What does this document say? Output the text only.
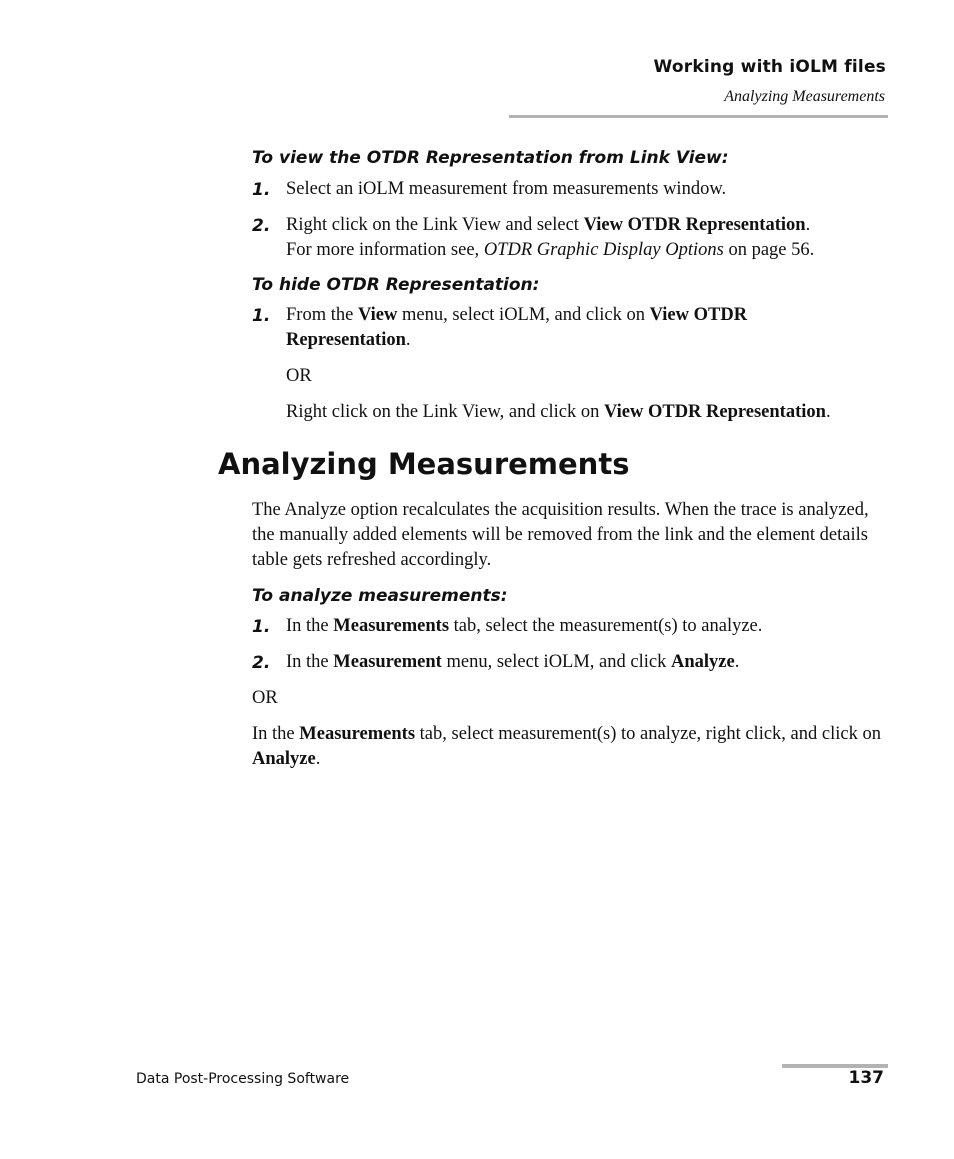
Working with iOLM files
Analyzing Measurements
To view the OTDR Representation from Link View:
1. Select an iOLM measurement from measurements window.
2. Right click on the Link View and select View OTDR Representation.
For more information see, OTDR Graphic Display Options on page 56.
To hide OTDR Representation:
1. From the View menu, select iOLM, and click on View OTDR Representation.
OR
Right click on the Link View, and click on View OTDR Representation.
Analyzing Measurements
The Analyze option recalculates the acquisition results. When the trace is analyzed, the manually added elements will be removed from the link and the element details table gets refreshed accordingly.
To analyze measurements:
1. In the Measurements tab, select the measurement(s) to analyze.
2. In the Measurement menu, select iOLM, and click Analyze.
OR
In the Measurements tab, select measurement(s) to analyze, right click, and click on Analyze.
Data Post-Processing Software	137
